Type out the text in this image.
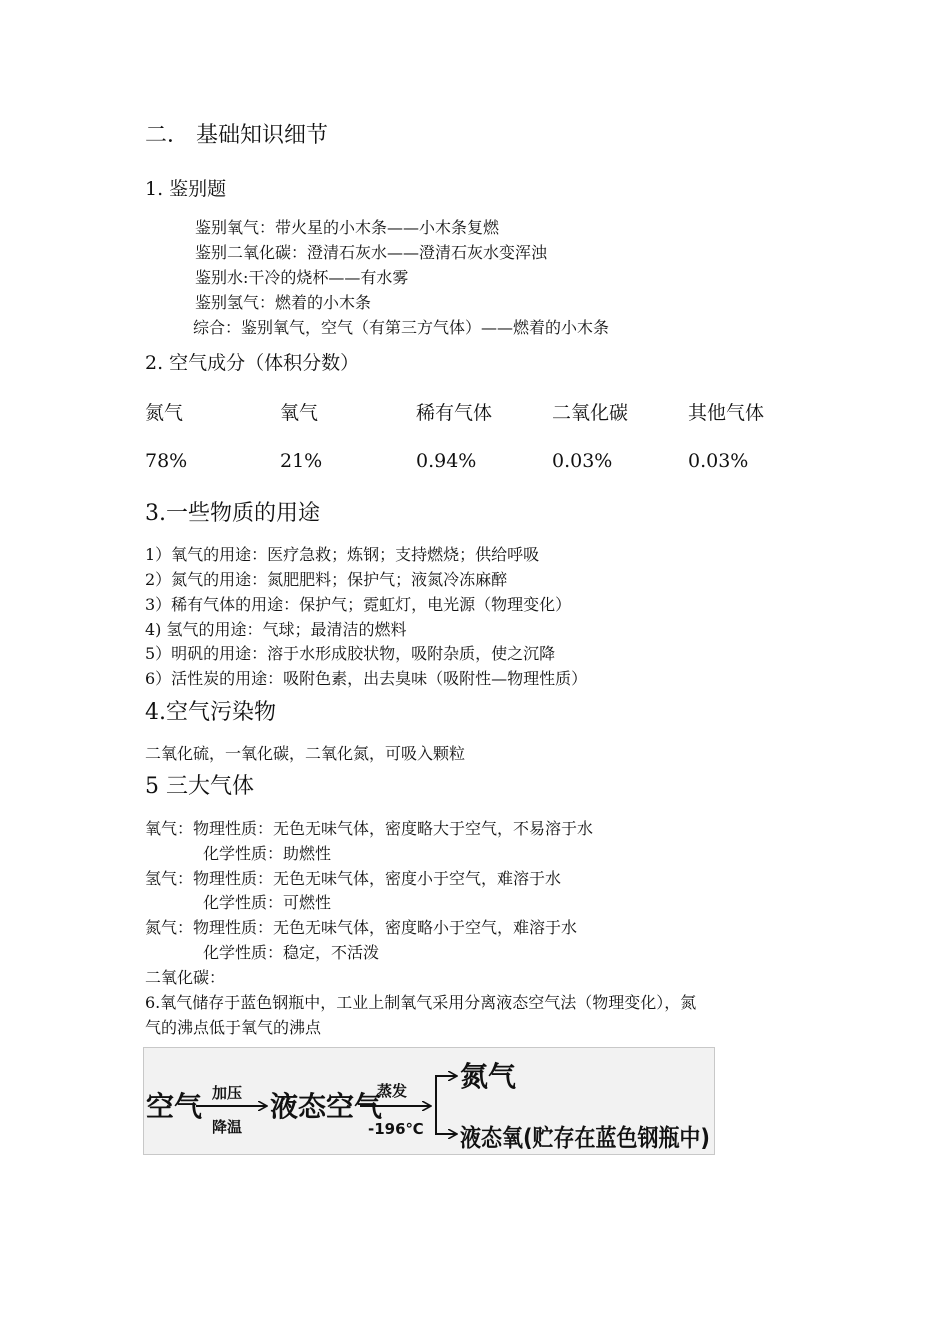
二． 基础知识细节
1. 鉴别题
鉴别氧气：带火星的小木条——小木条复燃
鉴别二氧化碳：澄清石灰水——澄清石灰水变浑浊
鉴别水:干冷的烧杯——有水雾
鉴别氢气：燃着的小木条
综合：鉴别氧气，空气（有第三方气体）——燃着的小木条
2. 空气成分（体积分数）
氮气	氧气	稀有气体	二氧化碳	其他气体
78%	21%	0.94%	0.03%	0.03%
3.一些物质的用途
1）氧气的用途：医疗急救；炼钢；支持燃烧；供给呼吸
2）氮气的用途：氮肥肥料；保护气；液氮冷冻麻醉
3）稀有气体的用途：保护气；霓虹灯，电光源（物理变化）
4) 氢气的用途：气球；最清洁的燃料
5）明矾的用途：溶于水形成胶状物，吸附杂质，使之沉降
6）活性炭的用途：吸附色素，出去臭味（吸附性—物理性质）
4.空气污染物
二氧化硫，一氧化碳，二氧化氮，可吸入颗粒
5 三大气体
氧气：物理性质：无色无味气体，密度略大于空气，不易溶于水
化学性质：助燃性
氢气：物理性质：无色无味气体，密度小于空气，难溶于水
化学性质：可燃性
氮气：物理性质：无色无味气体，密度略小于空气，难溶于水
化学性质：稳定，不活泼
二氧化碳：
6.氧气储存于蓝色钢瓶中，工业上制氧气采用分离液态空气法（物理变化），氮
气的沸点低于氧气的沸点
空气 加压
降温
液态空气
蒸发
-196℃
氮气
液态氧(贮存在蓝色钢瓶中)
